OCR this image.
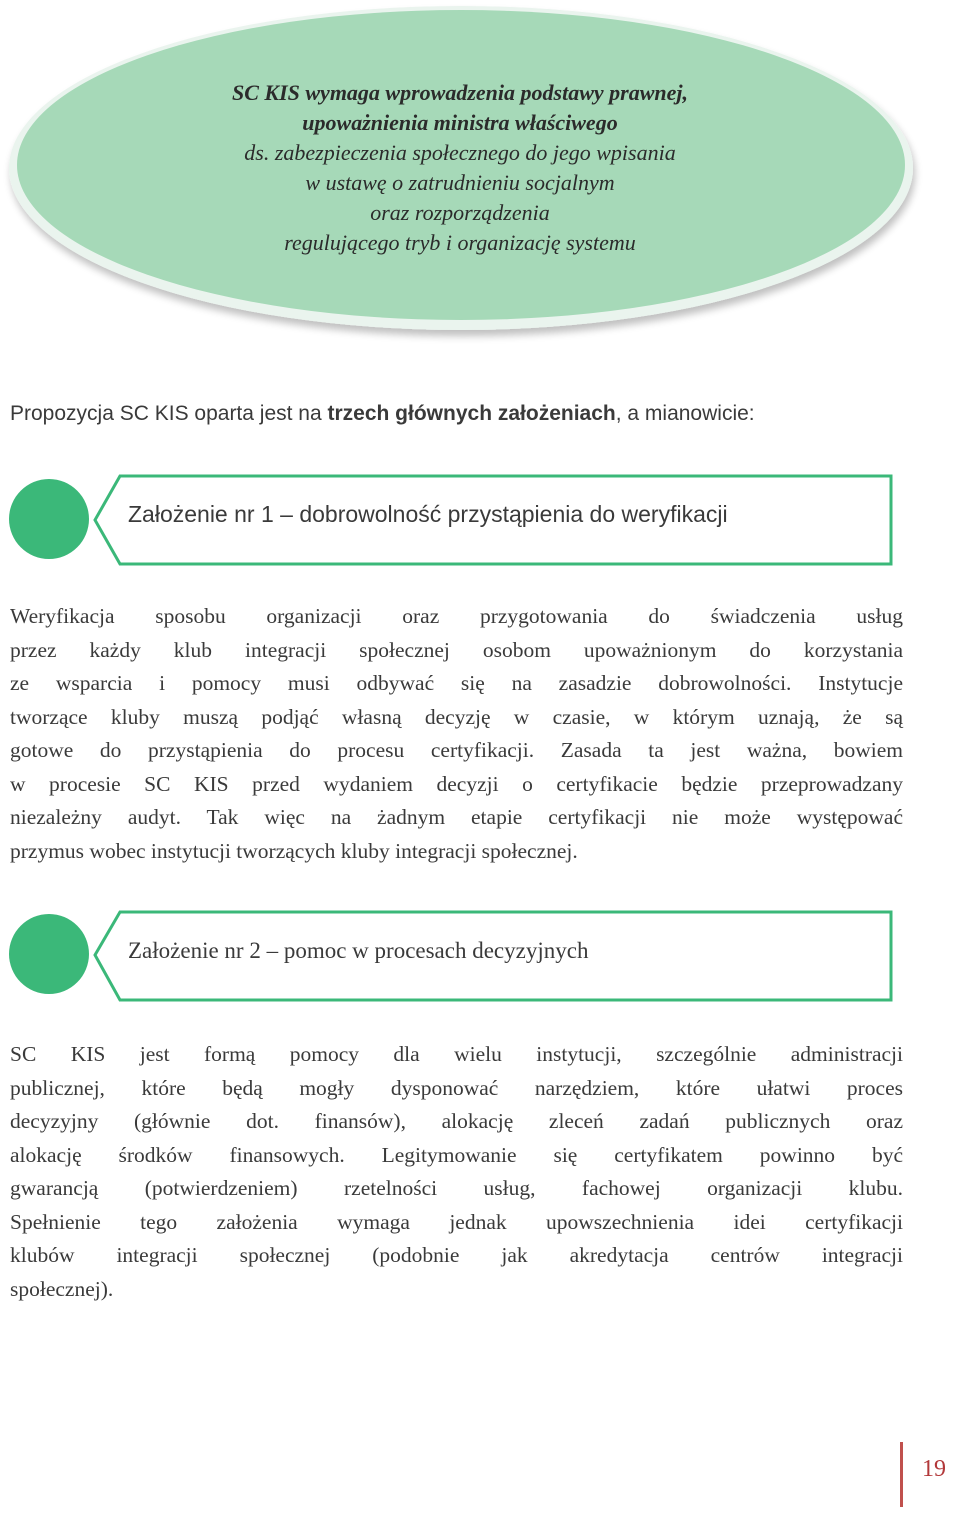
SC KIS wymaga wprowadzenia podstawy prawnej,
upoważnienia ministra właściwego
ds. zabezpieczenia społecznego do jego wpisania
w ustawę o zatrudnieniu socjalnym
oraz rozporządzenia
regulującego tryb i organizację systemu
Propozycja SC KIS oparta jest na trzech głównych założeniach, a mianowicie:
Założenie nr 1 – dobrowolność przystąpienia do weryfikacji
Weryfikacja sposobu organizacji oraz przygotowania do świadczenia usług
przez każdy klub integracji społecznej osobom upoważnionym do korzystania
ze wsparcia i pomocy musi odbywać się na zasadzie dobrowolności. Instytucje
tworzące kluby muszą podjąć własną decyzję w czasie, w którym uznają, że są
gotowe do przystąpienia do procesu certyfikacji. Zasada ta jest ważna, bowiem
w procesie SC KIS przed wydaniem decyzji o certyfikacie będzie przeprowadzany
niezależny audyt. Tak więc na żadnym etapie certyfikacji nie może występować
przymus wobec instytucji tworzących kluby integracji społecznej.
Założenie nr 2 – pomoc w procesach decyzyjnych
SC KIS jest formą pomocy dla wielu instytucji, szczególnie administracji
publicznej, które będą mogły dysponować narzędziem, które ułatwi proces
decyzyjny (głównie dot. finansów), alokację zleceń zadań publicznych oraz
alokację środków finansowych. Legitymowanie się certyfikatem powinno być
gwarancją (potwierdzeniem) rzetelności usług, fachowej organizacji klubu.
Spełnienie tego założenia wymaga jednak upowszechnienia idei certyfikacji
klubów integracji społecznej (podobnie jak akredytacja centrów integracji
społecznej).
19
